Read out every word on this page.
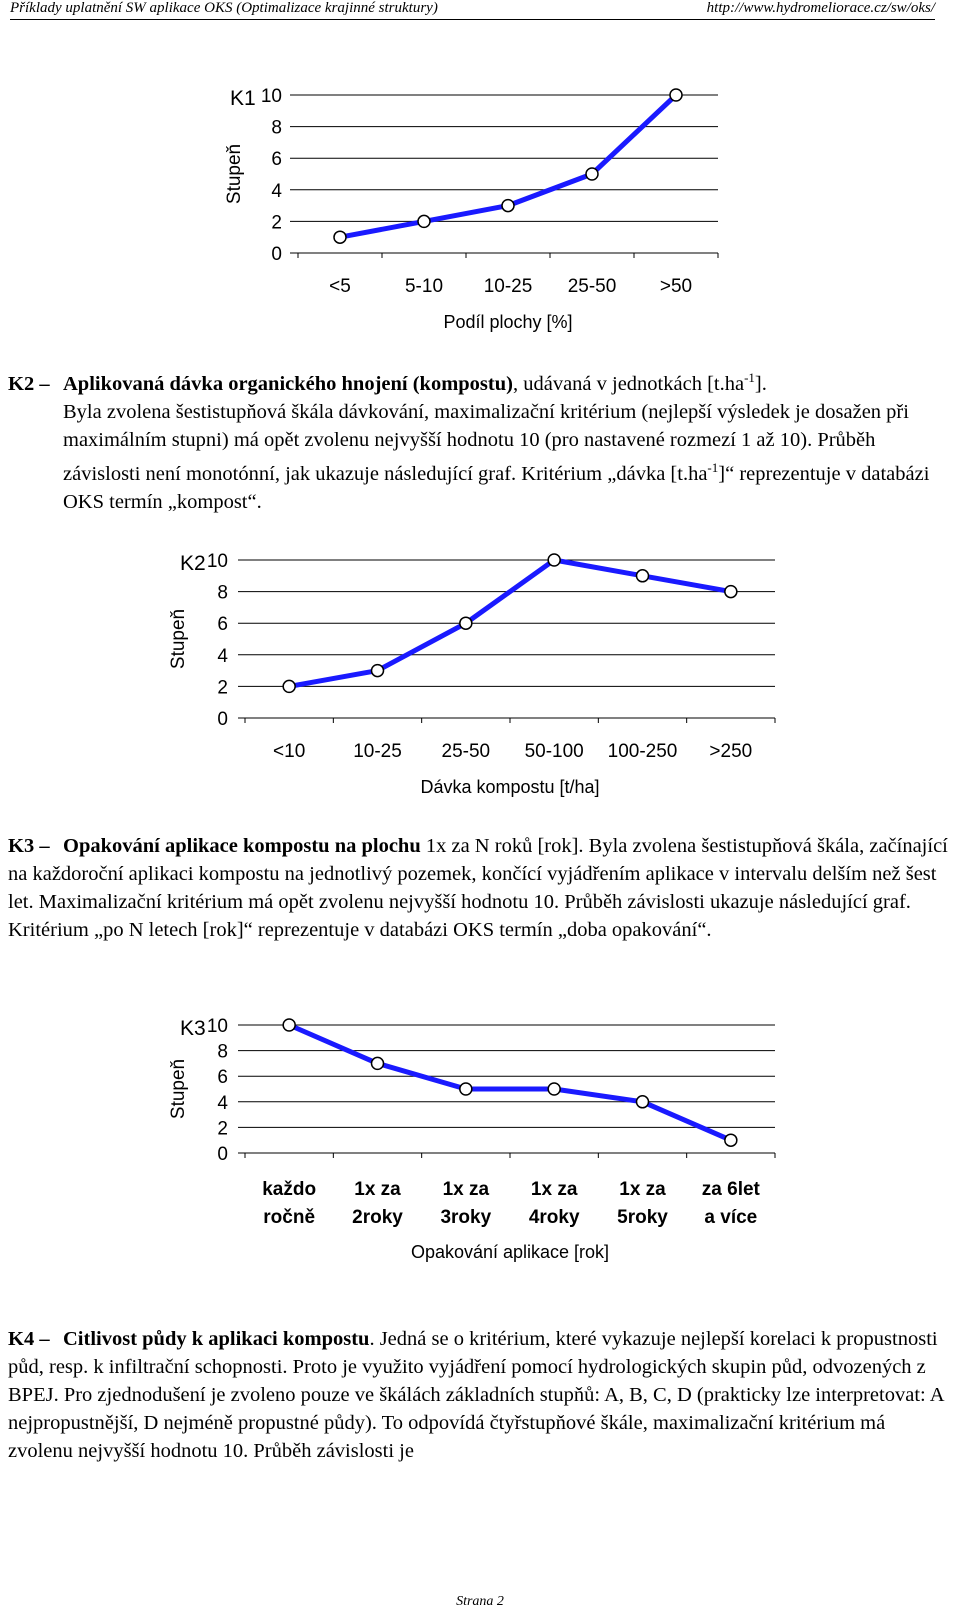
Příklady uplatnění SW aplikace OKS (Optimalizace krajinné struktury)	http://www.hydromeliorace.cz/sw/oks/
10
8
6
4
2
0
K1
Stupeň
<5	5-10 10-25 25-50 >50
Podíl plochy [%]
K2 – Aplikovaná dávka organického hnojení (kompostu), udávaná v jednotkách $[t.ha^{-1}]$.
Byla zvolena šestistupňová škála dávkování, maximalizační kritérium (nejlepší výsledek je dosažen při maximálním stupni) má opět zvolenu nejvyšší hodnotu 10 (pro nastavené rozmezí 1 až 10). Průběh závislosti není monotónní, jak ukazuje následující graf. Kritérium „dávka $[t.ha^{-1}]“$ reprezentuje v databázi OKS termín „kompost“.
10
8
6
4
2
0
K2
Stupeň
<10	10-25 25-50 50-100 100-250 >250
Dávka kompostu [t/ha]
K3 – Opakování aplikace kompostu na plochu 1x za N roků [rok]. Byla zvolena šestistupňová škála, začínající na každoroční aplikaci kompostu na jednotlivý pozemek, končící vyjádřením aplikace v intervalu delším než šest let. Maximalizační kritérium má opět zvolenu nejvyšší hodnotu 10. Průběh závislosti ukazuje následující graf. Kritérium „po N letech [rok]“ reprezentuje v databázi OKS termín „doba opakování“.
10
8
6
4
2
0
K3
Stupeň
každo
ročně
1x za
2roky
1x za
3roky
1x za
4roky
1x za
5roky
za 6let
a více
Opakování aplikace [rok]
K4 – Citlivost půdy k aplikaci kompostu. Jedná se o kritérium, které vykazuje nejlepší korelaci k propustnosti půd, resp. k infiltrační schopnosti. Proto je využito vyjádření pomocí hydrologických skupin půd, odvozených z BPEJ. Pro zjednodušení je zvoleno pouze ve škálách základních stupňů: A, B, C, D (prakticky lze interpretovat: A nejpropustnější, D nejméně propustné půdy). To odpovídá čtyřstupňové škále, maximalizační kritérium má zvolenu nejvyšší hodnotu 10. Průběh závislosti je
Strana 2
